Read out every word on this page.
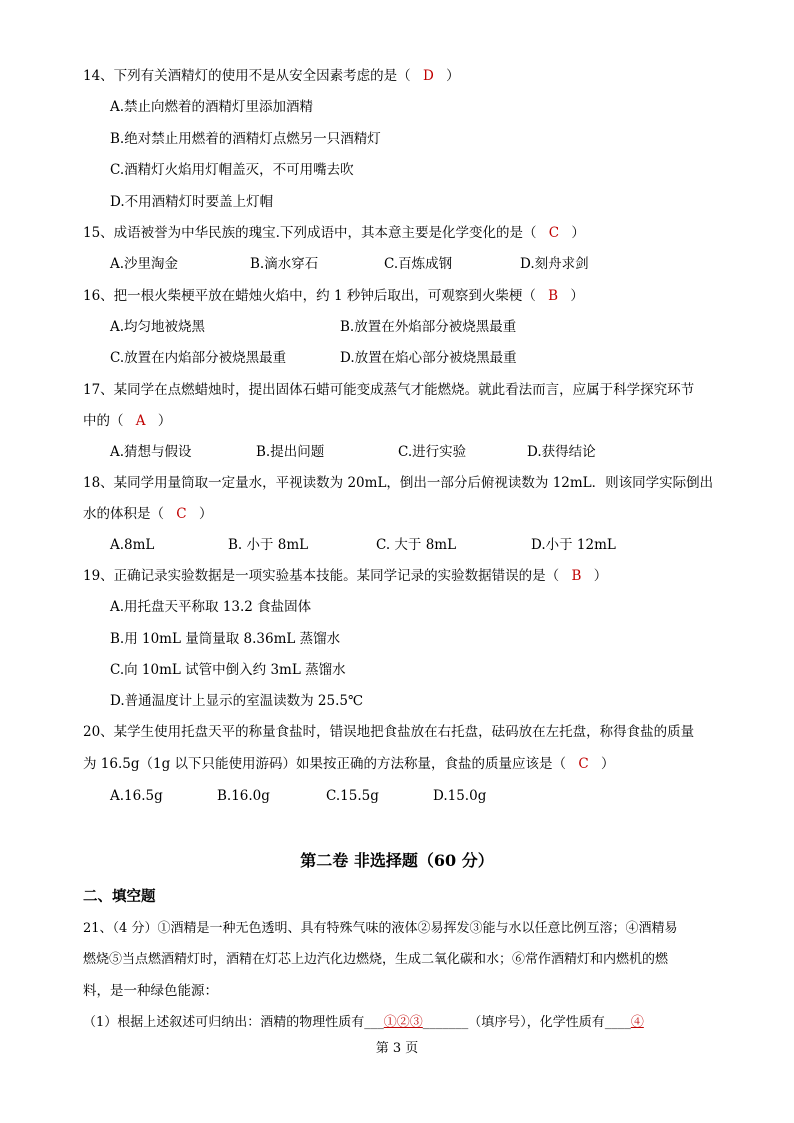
14、下列有关酒精灯的使用不是从安全因素考虑的是（ D ）
A.禁止向燃着的酒精灯里添加酒精
B.绝对禁止用燃着的酒精灯点燃另一只酒精灯
C.酒精灯火焰用灯帽盖灭，不可用嘴去吹
D.不用酒精灯时要盖上灯帽
15、成语被誉为中华民族的瑰宝.下列成语中，其本意主要是化学变化的是（ C ）
A.沙里淘金	B.滴水穿石	C.百炼成钢	D.刻舟求剑
16、把一根火柴梗平放在蜡烛火焰中，约 1 秒钟后取出，可观察到火柴梗（ B ）
A.均匀地被烧黑	B.放置在外焰部分被烧黑最重
C.放置在内焰部分被烧黑最重	D.放置在焰心部分被烧黑最重
17、某同学在点燃蜡烛时，提出固体石蜡可能变成蒸气才能燃烧。就此看法而言，应属于科学探究环节
中的（ A ）
A.猜想与假设	B.提出问题	C.进行实验	D.获得结论
18、某同学用量筒取一定量水，平视读数为 20mL，倒出一部分后俯视读数为 12mL．则该同学实际倒出
水的体积是（ C ）
A.8mL	B. 小于 8mL	C. 大于 8mL	D.小于 12mL
19、正确记录实验数据是一项实验基本技能。某同学记录的实验数据错误的是（ B ）
A.用托盘天平称取 13.2 食盐固体
B.用 10mL 量筒量取 8.36mL 蒸馏水
C.向 10mL 试管中倒入约 3mL 蒸馏水
D.普通温度计上显示的室温读数为 25.5℃
20、某学生使用托盘天平的称量食盐时，错误地把食盐放在右托盘，砝码放在左托盘，称得食盐的质量
为 16.5g（1g 以下只能使用游码）如果按正确的方法称量，食盐的质量应该是（ C ）
A.16.5g	B.16.0g	C.15.5g	D.15.0g
第二卷 非选择题（60 分）
二、填空题
21、（4 分）①酒精是一种无色透明、具有特殊气味的液体②易挥发③能与水以任意比例互溶；④酒精易
燃烧⑤当点燃酒精灯时，酒精在灯芯上边汽化边燃烧，生成二氧化碳和水；⑥常作酒精灯和内燃机的燃
料，是一种绿色能源：
（1）根据上述叙述可归纳出：酒精的物理性质有___①②③_______（填序号），化学性质有____④
第 3 页
